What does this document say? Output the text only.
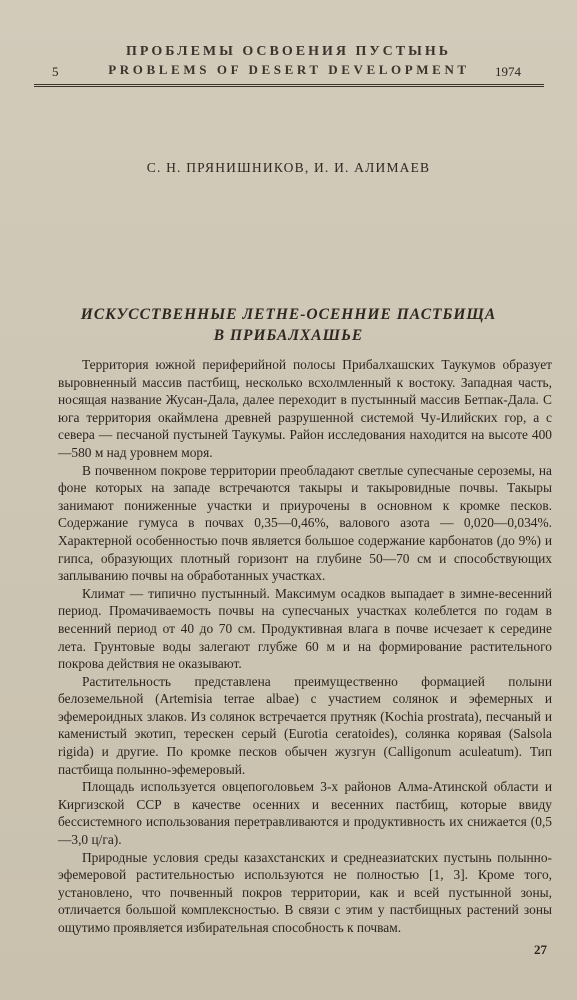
ПРОБЛЕМЫ ОСВОЕНИЯ ПУСТЫНЬ
5	PROBLEMS OF DESERT DEVELOPMENT	1974
С. Н. ПРЯНИШНИКОВ, И. И. АЛИМАЕВ
ИСКУССТВЕННЫЕ ЛЕТНЕ-ОСЕННИЕ ПАСТБИЩА
В ПРИБАЛХАШЬЕ

Территория южной периферийной полосы Прибалхашских Таукумов образует выровненный массив пастбищ, несколько всхолмленный к востоку. Западная часть, носящая название Жусан-Дала, далее переходит в пустынный массив Бетпак-Дала. С юга территория окаймлена древней разрушенной системой Чу-Илийских гор, а с севера — песчаной пустыней Таукумы. Район исследования находится на высоте 400—580 м над уровнем моря.

В почвенном покрове территории преобладают светлые супесчаные сероземы, на фоне которых на западе встречаются такыры и такыровидные почвы. Такыры занимают пониженные участки и приурочены в основном к кромке песков. Содержание гумуса в почвах 0,35—0,46%, валового азота — 0,020—0,034%. Характерной особенностью почв является большое содержание карбонатов (до 9%) и гипса, образующих плотный горизонт на глубине 50—70 см и способствующих заплыванию почвы на обработанных участках.

Климат — типично пустынный. Максимум осадков выпадает в зимне-весенний период. Промачиваемость почвы на супесчаных участках колеблется по годам в весенний период от 40 до 70 см. Продуктивная влага в почве исчезает к середине лета. Грунтовые воды залегают глубже 60 м и на формирование растительного покрова действия не оказывают.

Растительность представлена преимущественно формацией полыни белоземельной (Artemisia terrae albae) с участием солянок и эфемерных и эфемероидных злаков. Из солянок встречается прутняк (Kochia prostrata), песчаный и каменистый экотип, терескен серый (Eurotia ceratoides), солянка корявая (Salsola rigida) и другие. По кромке песков обычен жузгун (Calligonum aculeatum). Тип пастбища полынно-эфемеровый.

Площадь используется овцепоголовьем 3-х районов Алма-Атинской области и Киргизской ССР в качестве осенних и весенних пастбищ, которые ввиду бессистемного использования перетравливаются и продуктивность их снижается (0,5—3,0 ц/га).

Природные условия среды казахстанских и среднеазиатских пустынь полынно-эфемеровой растительностью используются не полностью [1, 3]. Кроме того, установлено, что почвенный покров территории, как и всей пустынной зоны, отличается большой комплексностью. В связи с этим у пастбищных растений зоны ощутимо проявляется избирательная способность к почвам.

27
